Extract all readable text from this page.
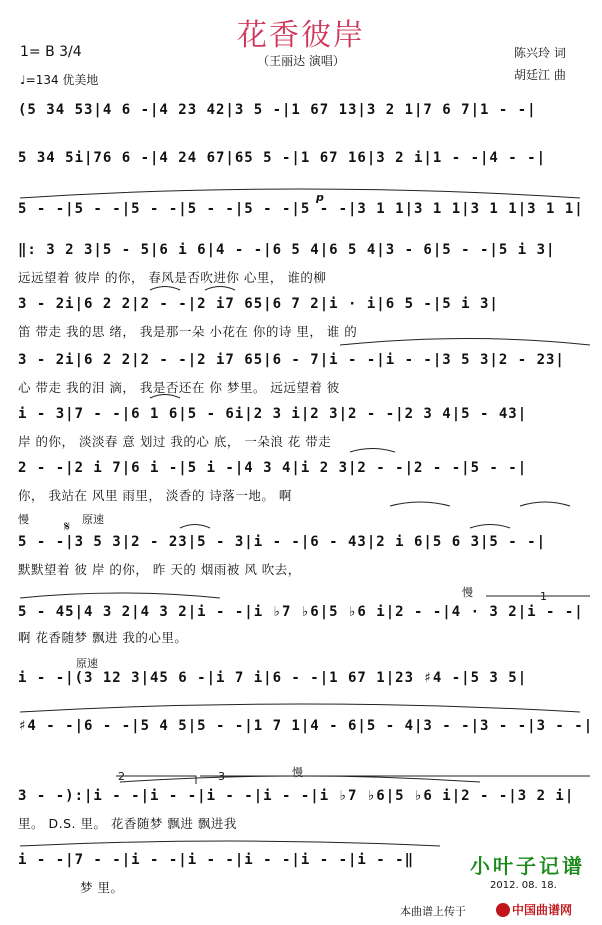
花香彼岸
（王丽达 演唱）
1= B 3/4
♩=134 优美地
陈兴玲 词
胡廷江 曲
(5 34 53|4 6 -|4 23 42|3 5 -|1 67 13|3 2 1|7 6 7|1 - -|
5 34 5i|76 6 -|4 24 67|65 5 -|1 67 16|3 2 i|1 - -|4 - -|
5 - -|5 - -|5 - -|5 - -|5 - -|5 - -|3 1 1|3 1 1|3 1 1|3 1 1|
‖: 3 2 3|5 - 5|6 i 6|4 - -|6 5 4|6 5 4|3 - 6|5 - -|5 i 3|
远远望着 彼岸 的你， 春风是否吹进你 心里， 谁的柳
3 - 2i|6 2 2|2 - -|2 i7 65|6 7 2|i · i|6 5 -|5 i 3|
笛 带走 我的思 绪， 我是那一朵 小花在 你的诗 里， 谁 的
3 - 2i|6 2 2|2 - -|2 i7 65|6 - 7|i - -|i - -|3 5 3|2 - 23|
心 带走 我的泪 滴， 我是否还在 你 梦里。 远远望着 彼
i - 3|7 - -|6 1 6|5 - 6i|2 3 i|2 3|2 - -|2 3 4|5 - 43|
岸 的你， 淡淡春 意 划过 我的心 底， 一朵浪 花 带走
2 - -|2 i 7|6 i -|5 i -|4 3 4|i 2 3|2 - -|2 - -|5 - -|
你， 我站在 风里 雨里， 淡香的 诗落一地。 啊
5 - -|3 5 3|2 - 23|5 - 3|i - -|6 - 43|2 i 6|5 6 3|5 - -|
默默望着 彼 岸 的你， 昨 天的 烟雨被 风 吹去，
5 - 45|4 3 2|4 3 2|i - -|i ♭7 ♭6|5 ♭6 i|2 - -|4 · 3 2|i - -|
啊 花香随梦 飘进 我的心里。
i - -|(3 12 3|45 6 -|i 7 i|6 - -|1 67 1|23 ♯4 -|5 3 5|
♯4 - -|6 - -|5 4 5|5 - -|1 7 1|4 - 6|5 - 4|3 - -|3 - -|3 - -|
3 - -):|i - -|i - -|i - -|i - -|i ♭7 ♭6|5 ♭6 i|2 - -|3 2 i|
里。 D.S. 里。 花香随梦 飘进 飘进我
i - -|7 - -|i - -|i - -|i - -|i - -|i - -‖
梦 里。
慢	原速
𝄋
慢
原速
慢
p
1
2	3
小叶子记谱
2012. 08. 18.
本曲谱上传于	中国曲谱网
